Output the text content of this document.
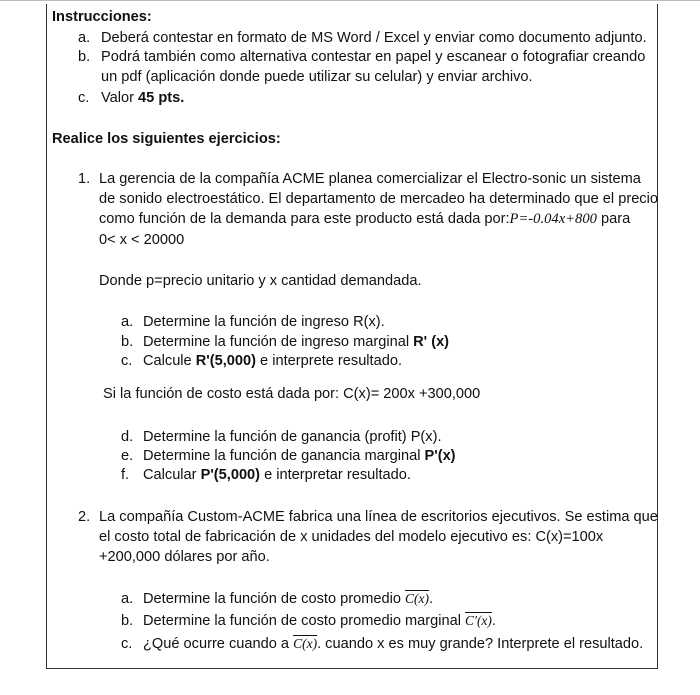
Instrucciones:
a. Deberá contestar en formato de MS Word / Excel y enviar como documento adjunto.
b. Podrá también como alternativa contestar en papel y escanear o fotografiar creando
un pdf (aplicación donde puede utilizar su celular) y enviar archivo.
c. Valor 45 pts.
Realice los siguientes ejercicios:
1. La gerencia de la compañía ACME planea comercializar el Electro-sonic un sistema
de sonido electroestático. El departamento de mercadeo ha determinado que el precio
como función de la demanda para este producto está dada por:P=-0.04x+800 para
0< x < 20000
Donde p=precio unitario y x cantidad demandada.
a. Determine la función de ingreso R(x).
b. Determine la función de ingreso marginal R' (x)
c. Calcule R'(5,000) e interprete resultado.
Si la función de costo está dada por: C(x)= 200x +300,000
d. Determine la función de ganancia (profit) P(x).
e. Determine la función de ganancia marginal P'(x)
f. Calcular P'(5,000) e interpretar resultado.
2. La compañía Custom-ACME fabrica una línea de escritorios ejecutivos. Se estima que
el costo total de fabricación de x unidades del modelo ejecutivo es: C(x)=100x
+200,000 dólares por año.
a. Determine la función de costo promedio C(x).
b. Determine la función de costo promedio marginal C'(x).
c. ¿Qué ocurre cuando a C(x). cuando x es muy grande? Interprete el resultado.
